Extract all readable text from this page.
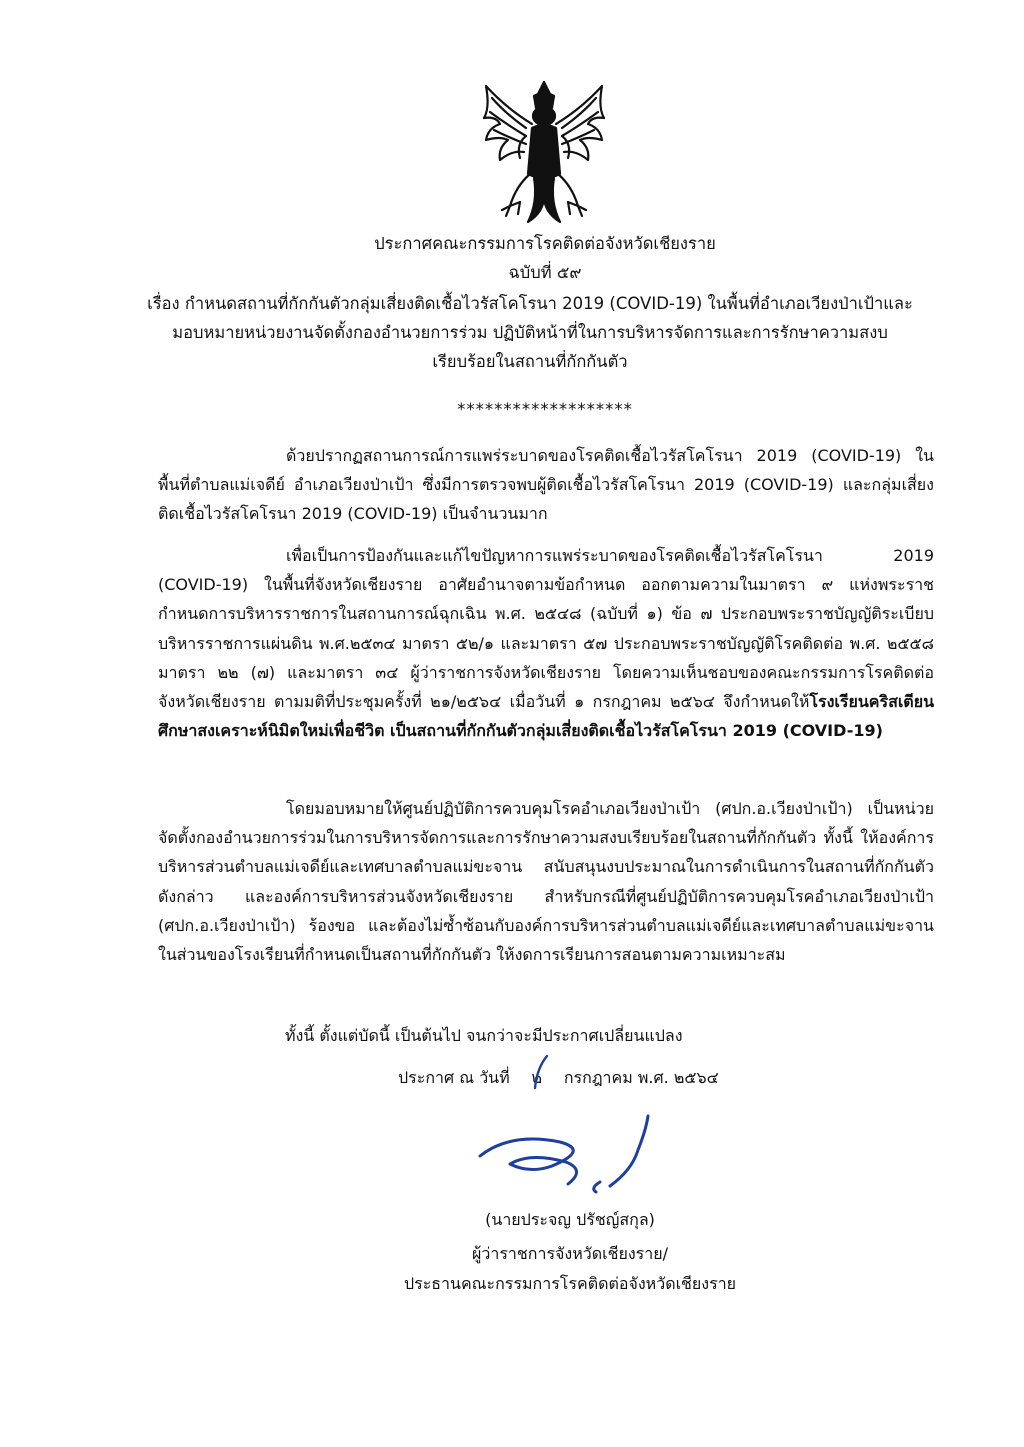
ประกาศคณะกรรมการโรคติดต่อจังหวัดเชียงราย
ฉบับที่ ๕๙
เรื่อง กำหนดสถานที่กักกันตัวกลุ่มเสี่ยงติดเชื้อไวรัสโคโรนา 2019 (COVID-19) ในพื้นที่อำเภอเวียงป่าเป้าและ
มอบหมายหน่วยงานจัดตั้งกองอำนวยการร่วม ปฏิบัติหน้าที่ในการบริหารจัดการและการรักษาความสงบ
เรียบร้อยในสถานที่กักกันตัว
*******************
ด้วยปรากฏสถานการณ์การแพร่ระบาดของโรคติดเชื้อไวรัสโคโรนา 2019 (COVID-19) ในพื้นที่ตำบลแม่เจดีย์ อำเภอเวียงป่าเป้า ซึ่งมีการตรวจพบผู้ติดเชื้อไวรัสโคโรนา 2019 (COVID-19) และกลุ่มเสี่ยงติดเชื้อไวรัสโคโรนา 2019 (COVID-19) เป็นจำนวนมาก
เพื่อเป็นการป้องกันและแก้ไขปัญหาการแพร่ระบาดของโรคติดเชื้อไวรัสโคโรนา 2019 (COVID-19) ในพื้นที่จังหวัดเชียงราย อาศัยอำนาจตามข้อกำหนด ออกตามความในมาตรา ๙ แห่งพระราชกำหนดการบริหารราชการในสถานการณ์ฉุกเฉิน พ.ศ. ๒๕๔๘ (ฉบับที่ ๑) ข้อ ๗ ประกอบพระราชบัญญัติระเบียบบริหารราชการแผ่นดิน พ.ศ.๒๕๓๔ มาตรา ๕๒/๑ และมาตรา ๕๗ ประกอบพระราชบัญญัติโรคติดต่อ พ.ศ. ๒๕๕๘ มาตรา ๒๒ (๗) และมาตรา ๓๔ ผู้ว่าราชการจังหวัดเชียงราย โดยความเห็นชอบของคณะกรรมการโรคติดต่อจังหวัดเชียงราย ตามมติที่ประชุมครั้งที่ ๒๑/๒๕๖๔ เมื่อวันที่ ๑ กรกฎาคม ๒๕๖๔ จึงกำหนดให้โรงเรียนคริสเตียนศึกษาสงเคราะห์นิมิตใหม่เพื่อชีวิต เป็นสถานที่กักกันตัวกลุ่มเสี่ยงติดเชื้อไวรัสโคโรนา 2019 (COVID-19)
โดยมอบหมายให้ศูนย์ปฏิบัติการควบคุมโรคอำเภอเวียงป่าเป้า (ศปก.อ.เวียงป่าเป้า) เป็นหน่วยจัดตั้งกองอำนวยการร่วมในการบริหารจัดการและการรักษาความสงบเรียบร้อยในสถานที่กักกันตัว ทั้งนี้ ให้องค์การบริหารส่วนตำบลแม่เจดีย์และเทศบาลตำบลแม่ขะจาน สนับสนุนงบประมาณในการดำเนินการในสถานที่กักกันตัวดังกล่าว และองค์การบริหารส่วนจังหวัดเชียงราย สำหรับกรณีที่ศูนย์ปฏิบัติการควบคุมโรคอำเภอเวียงป่าเป้า (ศปก.อ.เวียงป่าเป้า) ร้องขอ และต้องไม่ซ้ำซ้อนกับองค์การบริหารส่วนตำบลแม่เจดีย์และเทศบาลตำบลแม่ขะจาน ในส่วนของโรงเรียนที่กำหนดเป็นสถานที่กักกันตัว ให้งดการเรียนการสอนตามความเหมาะสม
ทั้งนี้ ตั้งแต่บัดนี้ เป็นต้นไป จนกว่าจะมีประกาศเปลี่ยนแปลง
ประกาศ ณ วันที่ ๒ กรกฎาคม พ.ศ. ๒๕๖๔
(นายประจญ ปรัชญ์สกุล)
ผู้ว่าราชการจังหวัดเชียงราย/
ประธานคณะกรรมการโรคติดต่อจังหวัดเชียงราย
